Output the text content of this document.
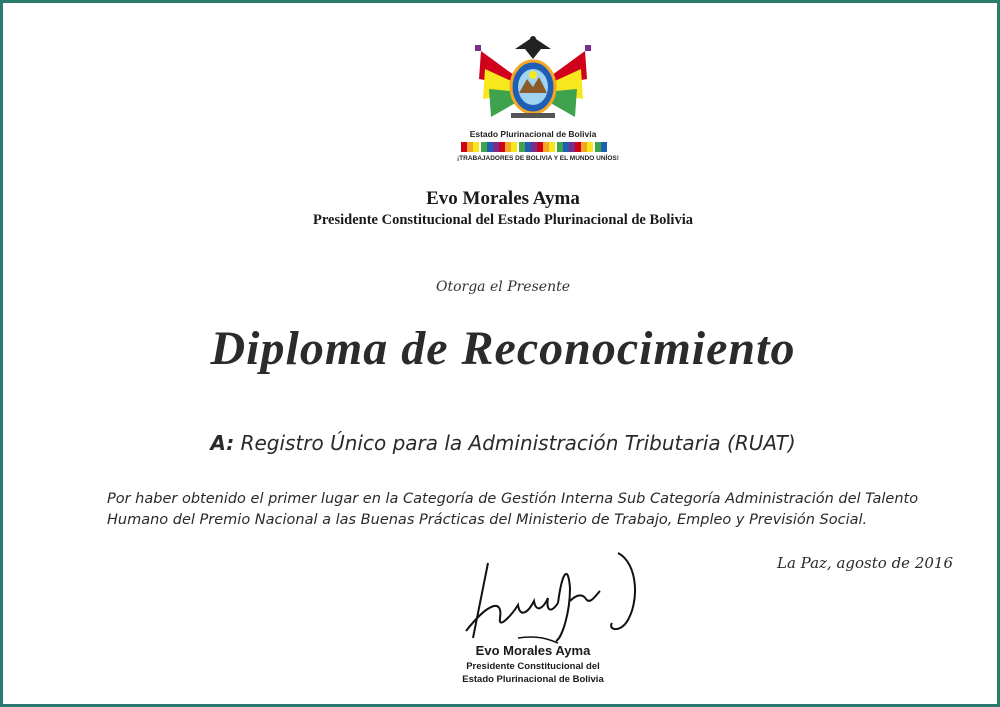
Estado Plurinacional de Bolivia
¡TRABAJADORES DE BOLIVIA Y EL MUNDO UNÍOS!
Evo Morales Ayma
Presidente Constitucional del Estado Plurinacional de Bolivia

Otorga el Presente

Diploma de Reconocimiento

A: Registro Único para la Administración Tributaria (RUAT)

Por haber obtenido el primer lugar en la Categoría de Gestión Interna Sub Categoría Administración del Talento Humano del Premio Nacional a las Buenas Prácticas del Ministerio de Trabajo, Empleo y Previsión Social.

La Paz, agosto de 2016

Evo Morales Ayma
Presidente Constitucional del
Estado Plurinacional de Bolivia
